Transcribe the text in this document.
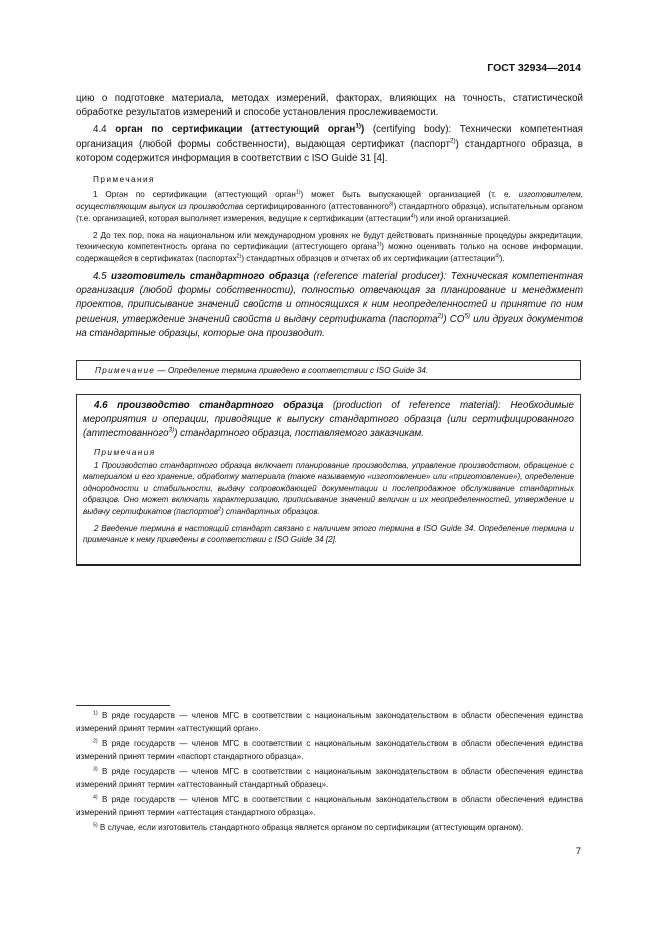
ГОСТ 32934—2014

цию о подготовке материала, методах измерений, факторах, влияющих на точность, статистической обработке результатов измерений и способе установления прослеживаемости.

4.4 орган по сертификации (аттестующий орган$^{1)}$) (certifying body): Технически компетентная организация (любой формы собственности), выдающая сертификат (паспорт$^{2)}$) стандартного образца, в котором содержится информация в соответствии с ISO Guide 31 [4].

Примечания

1 Орган по сертификации (аттестующий орган$^{1)}$) может быть выпускающей организацией (т. е. изготовителем, осуществляющим выпуск из производства сертифицированного (аттестованного$^{3)}$) стандартного образца), испытательным органом (т.е. организацией, которая выполняет измерения, ведущие к сертификации (аттестации$^{4)}$) или иной организацией.

2 До тех пор, пока на национальном или международном уровнях не будут действовать признанные процедуры аккредитации, техническую компетентность органа по сертификации (аттестующего органа$^{1)}$) можно оценивать только на основе информации, содержащейся в сертификатах (паспортах$^{2)}$) стандартных образцов и отчетах об их сертификации (аттестации$^{4)}$).

4.5 изготовитель стандартного образца (reference material producer): Техническая компетентная организация (любой формы собственности), полностью отвечающая за планирование и менеджмент проектов, приписывание значений свойств и относящихся к ним неопределенностей и принятие по ним решения, утверждение значений свойств и выдачу сертификата (паспорта$^{2)}$) СО$^{5)}$ или других документов на стандартные образцы, которые она производит.

Примечание — Определение термина приведено в соответствии с ISO Guide 34.

4.6 производство стандартного образца (production of reference material): Необходимые мероприятия и операции, приводящие к выпуску стандартного образца (или сертифицированного (аттестованного$^{3)}$) стандартного образца, поставляемого заказчикам.

Примечания

1 Производство стандартного образца включает планирование производства, управление производством, обращение с материалом и его хранение, обработку материала (также называемую «изготовление» или «приготовление»), определение однородности и стабильности, выдачу сопровождающей документации и послепродажное обслуживание стандартных образцов. Оно может включать характеризацию, приписывание значений величин и их неопределенностей, утверждение и выдачу сертификатов (паспортов$^2$) стандартных образцов.

2 Введение термина в настоящий стандарт связано с наличием этого термина в ISO Guide 34. Определение термина и примечание к нему приведены в соответствии с ISO Guide 34 [2].

$^{1)}$ В ряде государств — членов МГС в соответствии с национальным законодательством в области обеспечения единства измерений принят термин «аттестующий орган».

$^{2)}$ В ряде государств — членов МГС в соответствии с национальным законодательством в области обеспечения единства измерений принят термин «паспорт стандартного образца».

$^{3)}$ В ряде государств — членов МГС в соответствии с национальным законодательством в области обеспечения единства измерений принят термин «аттестованный стандартный образец».

$^{4)}$ В ряде государств — членов МГС в соответствии с национальным законодательством в области обеспечения единства измерений принят термин «аттестация стандартного образца».

$^{5)}$ В случае, если изготовитель стандартного образца является органом по сертификации (аттестующим органом).

7
